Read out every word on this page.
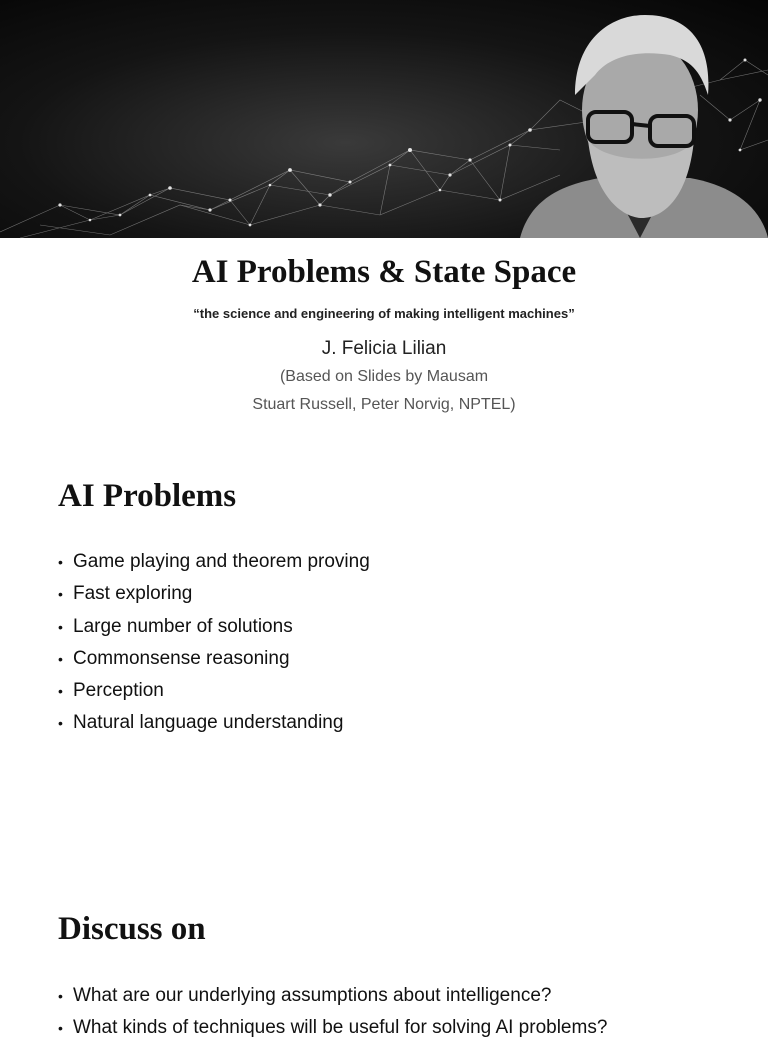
AI Problems & State Space
“the science and engineering of making intelligent machines”
J. Felicia Lilian
(Based on Slides by Mausam
Stuart Russell, Peter Norvig, NPTEL)
AI Problems
• Game playing and theorem proving
• Fast exploring
• Large number of solutions
• Commonsense reasoning
• Perception
• Natural language understanding
Discuss on
• What are our underlying assumptions about intelligence?
• What kinds of techniques will be useful for solving AI problems?
